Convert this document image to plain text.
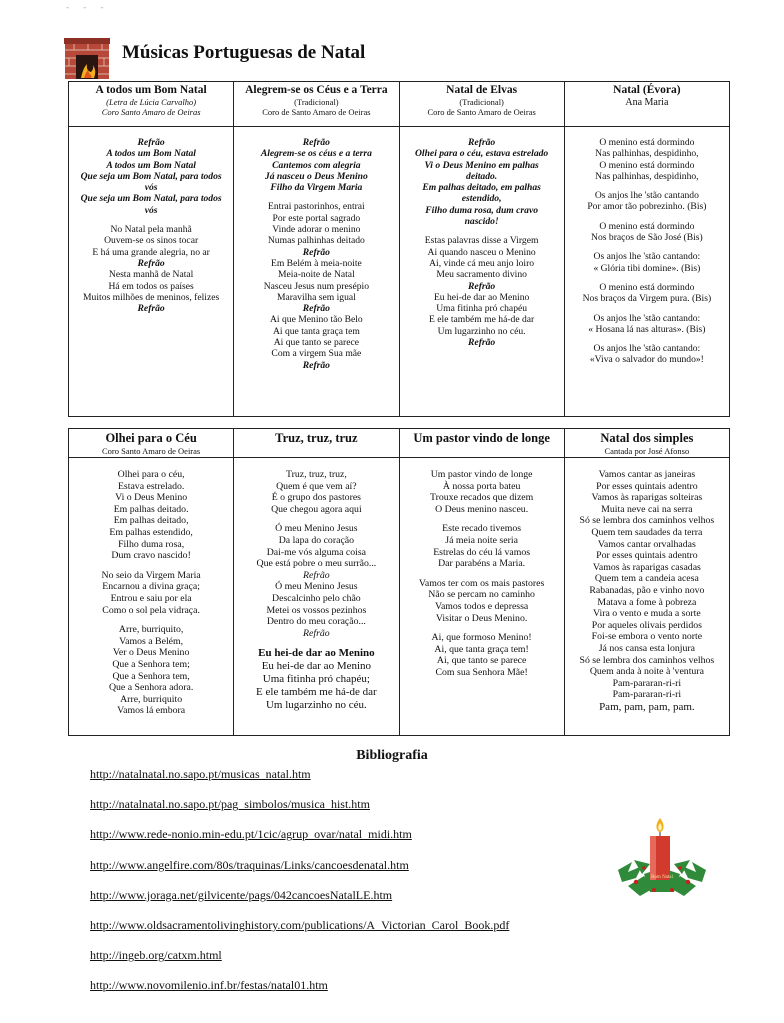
- - -
Músicas Portuguesas de Natal
A todos um Bom Natal
(Letra de Lúcia Carvalho)
Coro Santo Amaro de Oeiras
Refrão
A todos um Bom Natal
A todos um Bom Natal
Que seja um Bom Natal, para todos
vós
Que seja um Bom Natal, para todos
vós
No Natal pela manhã
Ouvem-se os sinos tocar
E há uma grande alegria, no ar
Refrão
Nesta manhã de Natal
Há em todos os países
Muitos milhões de meninos, felizes
Refrão
Alegrem-se os Céus e a Terra
(Tradicional)
Coro de Santo Amaro de Oeiras
Refrão
Alegrem-se os céus e a terra
Cantemos com alegria
Já nasceu o Deus Menino
Filho da Virgem Maria
Entrai pastorinhos, entrai
Por este portal sagrado
Vinde adorar o menino
Numas palhinhas deitado
Refrão
Em Belém à meia-noite
Meia-noite de Natal
Nasceu Jesus num presépio
Maravilha sem igual
Refrão
Ai que Menino tão Belo
Ai que tanta graça tem
Ai que tanto se parece
Com a virgem Sua mãe
Refrão
Natal de Elvas
(Tradicional)
Coro de Santo Amaro de Oeiras
Refrão
Olhei para o céu, estava estrelado
Vi o Deus Menino em palhas
deitado.
Em palhas deitado, em palhas
estendido,
Filho duma rosa, dum cravo
nascido!
Estas palavras disse a Virgem
Ai quando nasceu o Menino
Ai, vinde cá meu anjo loiro
Meu sacramento divino
Refrão
Eu hei-de dar ao Menino
Uma fitinha pró chapéu
E ele também me há-de dar
Um lugarzinho no céu.
Refrão
Natal (Évora)
Ana Maria
O menino está dormindo
Nas palhinhas, despidinho,
O menino está dormindo
Nas palhinhas, despidinho,
Os anjos lhe 'stão cantando
Por amor tão pobrezinho. (Bis)
O menino está dormindo
Nos braços de São José (Bis)
Os anjos lhe 'stão cantando:
« Glória tibi domine». (Bis)
O menino está dormindo
Nos braços da Virgem pura. (Bis)
Os anjos lhe 'stão cantando:
« Hosana lá nas alturas». (Bis)
Os anjos lhe 'stão cantando:
«Viva o salvador do mundo»!
Olhei para o Céu
Coro Santo Amaro de Oeiras
Olhei para o céu,
Estava estrelado.
Vi o Deus Menino
Em palhas deitado.
Em palhas deitado,
Em palhas estendido,
Filho duma rosa,
Dum cravo nascido!
No seio da Virgem Maria
Encarnou a divina graça;
Entrou e saiu por ela
Como o sol pela vidraça.
Arre, burriquito,
Vamos a Belém,
Ver o Deus Menino
Que a Senhora tem;
Que a Senhora tem,
Que a Senhora adora.
Arre, burriquito
Vamos lá embora
Truz, truz, truz
Truz, truz, truz,
Quem é que vem aí?
É o grupo dos pastores
Que chegou agora aqui
Ó meu Menino Jesus
Da lapa do coração
Dai-me vós alguma coisa
Que está pobre o meu surrão...
Refrão
Ó meu Menino Jesus
Descalcinho pelo chão
Metei os vossos pezinhos
Dentro do meu coração...
Refrão
Eu hei-de dar ao Menino
Eu hei-de dar ao Menino
Uma fitinha pró chapéu;
E ele também me há-de dar
Um lugarzinho no céu.
Um pastor vindo de longe
Um pastor vindo de longe
À nossa porta bateu
Trouxe recados que dizem
O Deus menino nasceu.
Este recado tivemos
Já meia noite seria
Estrelas do céu lá vamos
Dar parabéns a Maria.
Vamos ter com os mais pastores
Não se percam no caminho
Vamos todos e depressa
Visitar o Deus Menino.
Ai, que formoso Menino!
Ai, que tanta graça tem!
Ai, que tanto se parece
Com sua Senhora Mãe!
Natal dos simples
Cantada por José Afonso
Vamos cantar as janeiras
Por esses quintais adentro
Vamos às raparigas solteiras
Muita neve cai na serra
Só se lembra dos caminhos velhos
Quem tem saudades da terra
Vamos cantar orvalhadas
Por esses quintais adentro
Vamos às raparigas casadas
Quem tem a candeia acesa
Rabanadas, pão e vinho novo
Matava a fome à pobreza
Vira o vento e muda a sorte
Por aqueles olivais perdidos
Foi-se embora o vento norte
Já nos cansa esta lonjura
Só se lembra dos caminhos velhos
Quem anda à noite à 'ventura
Pam-pararan-ri-ri
Pam-pararan-ri-ri
Pam, pam, pam, pam.
Bibliografia
http://natalnatal.no.sapo.pt/musicas_natal.htm
http://natalnatal.no.sapo.pt/pag_simbolos/musica_hist.htm
http://www.rede-nonio.min-edu.pt/1cic/agrup_ovar/natal_midi.htm
http://www.angelfire.com/80s/traquinas/Links/cancoesdenatal.htm
http://www.joraga.net/gilvicente/pags/042cancoesNatalLE.htm
http://www.oldsacramentolivinghistory.com/publications/A_Victorian_Carol_Book.pdf
http://ingeb.org/catxm.html
http://www.novomilenio.inf.br/festas/natal01.htm
Bom Natal
